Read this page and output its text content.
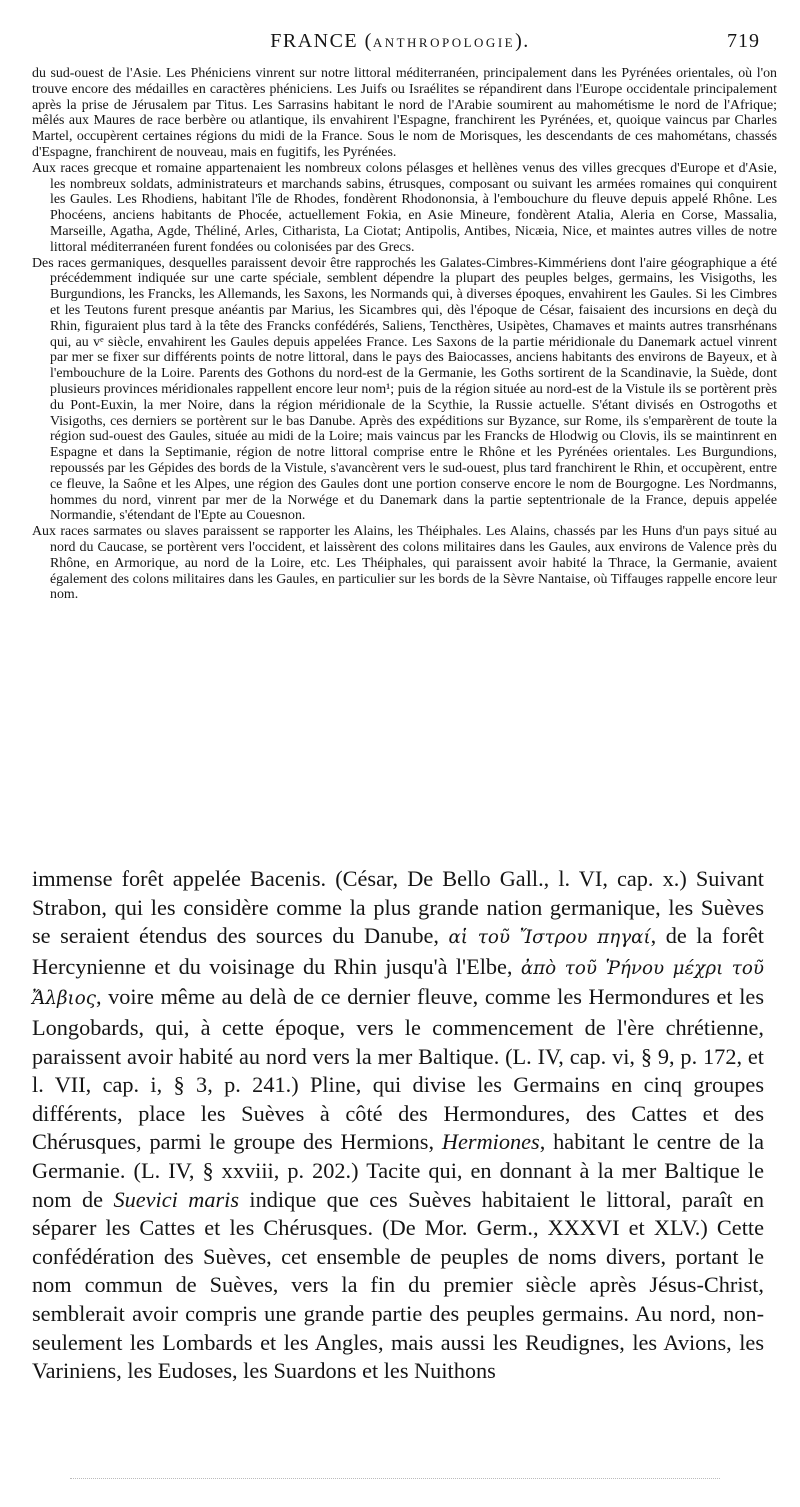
FRANCE (ANTHROPOLOGIE).	719

du sud-ouest de l'Asie. Les Phéniciens vinrent sur notre littoral méditerranéen, principalement dans les Pyrénées orientales, où l'on trouve encore des médailles en caractères phéniciens. Les Juifs ou Israélites se répandirent dans l'Europe occidentale principalement après la prise de Jérusalem par Titus. Les Sarrasins habitant le nord de l'Arabie soumirent au mahométisme le nord de l'Afrique; mêlés aux Maures de race berbère ou atlantique, ils envahirent l'Espagne, franchirent les Pyrénées, et, quoique vaincus par Charles Martel, occupèrent certaines régions du midi de la France. Sous le nom de Morisques, les descendants de ces mahométans, chassés d'Espagne, franchirent de nouveau, mais en fugitifs, les Pyrénées.

Aux races grecque et romaine appartenaient les nombreux colons pélasges et hellènes venus des villes grecques d'Europe et d'Asie, les nombreux soldats, administrateurs et marchands sabins, étrusques, composant ou suivant les armées romaines qui conquirent les Gaules. Les Rhodiens, habitant l'île de Rhodes, fondèrent Rhodononsia, à l'embouchure du fleuve depuis appelé Rhône. Les Phocéens, anciens habitants de Phocée, actuellement Fokia, en Asie Mineure, fondèrent Atalia, Aleria en Corse, Massalia, Marseille, Agatha, Agde, Théliné, Arles, Citharista, La Ciotat; Antipolis, Antibes, Nicæia, Nice, et maintes autres villes de notre littoral méditerranéen furent fondées ou colonisées par des Grecs.

Des races germaniques, desquelles paraissent devoir être rapprochés les Galates-Cimbres-Kimmériens dont l'aire géographique a été précédemment indiquée sur une carte spéciale, semblent dépendre la plupart des peuples belges, germains, les Visigoths, les Burgundions, les Francks, les Allemands, les Saxons, les Normands qui, à diverses époques, envahirent les Gaules. Si les Cimbres et les Teutons furent presque anéantis par Marius, les Sicambres qui, dès l'époque de César, faisaient des incursions en deçà du Rhin, figuraient plus tard à la tête des Francks confédérés, Saliens, Tencthères, Usipètes, Chamaves et maints autres transrhénans qui, au vᵉ siècle, envahirent les Gaules depuis appelées France. Les Saxons de la partie méridionale du Danemark actuel vinrent par mer se fixer sur différents points de notre littoral, dans le pays des Baiocasses, anciens habitants des environs de Bayeux, et à l'embouchure de la Loire. Parents des Gothons du nord-est de la Germanie, les Goths sortirent de la Scandinavie, la Suède, dont plusieurs provinces méridionales rappellent encore leur nom¹; puis de la région située au nord-est de la Vistule ils se portèrent près du Pont-Euxin, la mer Noire, dans la région méridionale de la Scythie, la Russie actuelle. S'étant divisés en Ostrogoths et Visigoths, ces derniers se portèrent sur le bas Danube. Après des expéditions sur Byzance, sur Rome, ils s'emparèrent de toute la région sud-ouest des Gaules, située au midi de la Loire; mais vaincus par les Francks de Hlodwig ou Clovis, ils se maintinrent en Espagne et dans la Septimanie, région de notre littoral comprise entre le Rhône et les Pyrénées orientales. Les Burgundions, repoussés par les Gépides des bords de la Vistule, s'avancèrent vers le sud-ouest, plus tard franchirent le Rhin, et occupèrent, entre ce fleuve, la Saône et les Alpes, une région des Gaules dont une portion conserve encore le nom de Bourgogne. Les Nordmanns, hommes du nord, vinrent par mer de la Norwége et du Danemark dans la partie septentrionale de la France, depuis appelée Normandie, s'étendant de l'Epte au Couesnon.

Aux races sarmates ou slaves paraissent se rapporter les Alains, les Théiphales. Les Alains, chassés par les Huns d'un pays situé au nord du Caucase, se portèrent vers l'occident, et laissèrent des colons militaires dans les Gaules, aux environs de Valence près du Rhône, en Armorique, au nord de la Loire, etc. Les Théiphales, qui paraissent avoir habité la Thrace, la Germanie, avaient également des colons militaires dans les Gaules, en particulier sur les bords de la Sèvre Nantaise, où Tiffauges rappelle encore leur nom.

immense forêt appelée Bacenis. (César, De Bello Gall., l. VI, cap. x.) Suivant Strabon, qui les considère comme la plus grande nation germanique, les Suèves se seraient étendus des sources du Danube, αἱ τοῦ Ἴστρου πηγαί, de la forêt Hercynienne et du voisinage du Rhin jusqu'à l'Elbe, ἀπὸ τοῦ Ῥήνου μέχρι τοῦ Ἄλβιος, voire même au delà de ce dernier fleuve, comme les Hermondures et les Longobards, qui, à cette époque, vers le commencement de l'ère chrétienne, paraissent avoir habité au nord vers la mer Baltique. (L. IV, cap. vi, § 9, p. 172, et l. VII, cap. i, § 3, p. 241.) Pline, qui divise les Germains en cinq groupes différents, place les Suèves à côté des Hermondures, des Cattes et des Chérusques, parmi le groupe des Hermions, Hermiones, habitant le centre de la Germanie. (L. IV, § xxviii, p. 202.) Tacite qui, en donnant à la mer Baltique le nom de Suevici maris indique que ces Suèves habitaient le littoral, paraît en séparer les Cattes et les Chérusques. (De Mor. Germ., XXXVI et XLV.) Cette confédération des Suèves, cet ensemble de peuples de noms divers, portant le nom commun de Suèves, vers la fin du premier siècle après Jésus-Christ, semblerait avoir compris une grande partie des peuples germains. Au nord, non-seulement les Lombards et les Angles, mais aussi les Reudignes, les Avions, les Variniens, les Eudoses, les Suardons et les Nuithons
